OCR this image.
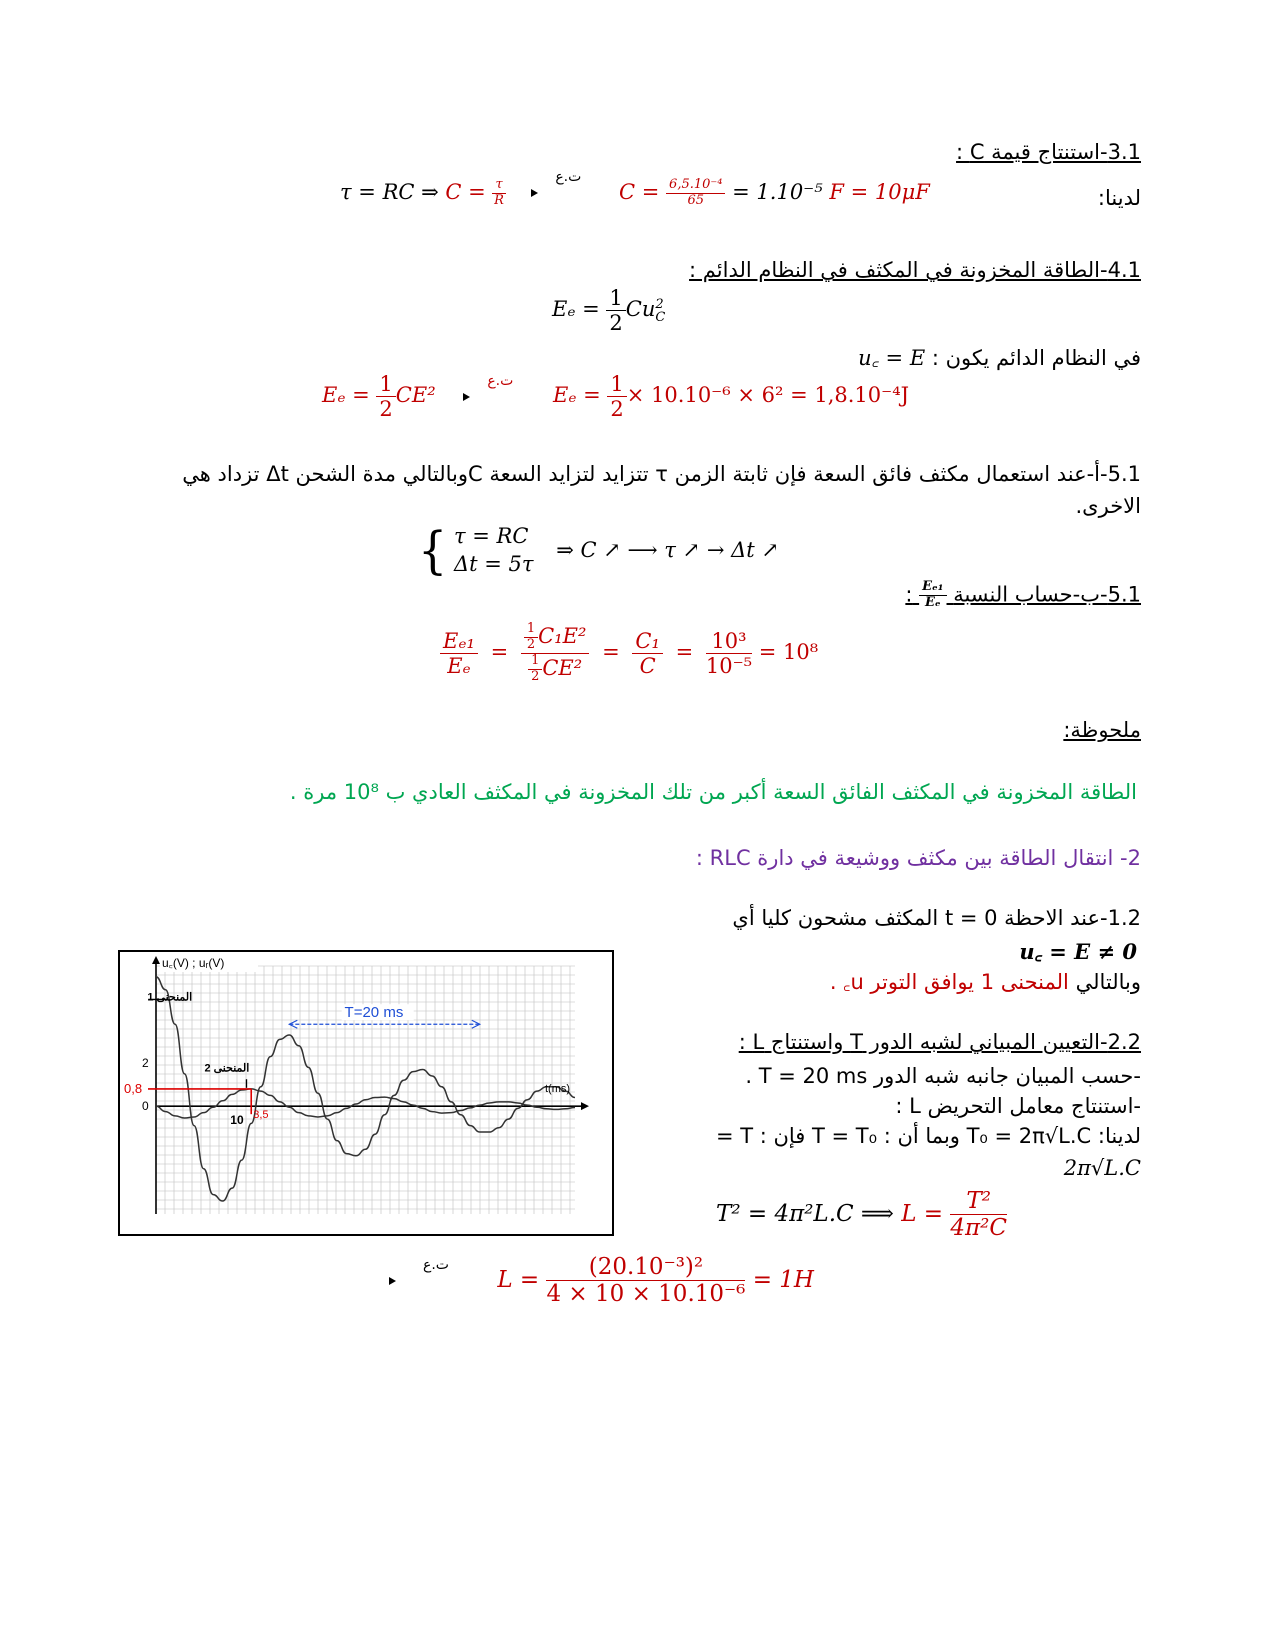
3.1-استنتاج قيمة C :
لدينا:
τ = RC ⇒ $C = \frac{\tau}{R}$

ت.ع
$C = \frac{\text{6,5.10⁻⁴}}{65} = 1.10^{-5}$ F = 10μF
4.1-الطاقة المخزونة في المكثف في النظام الدائم :
$E_e = \frac{1}{2}$ Cu 2
C
في النظام الدائم يكون : u꜀ = E
$E_e = \frac{1}{2} CE^2$
ت.ع
$E_e = \frac{1}{2} \times 10.10^{-6} \times 6^2 = 1,8.10^{-4}J$
5.1-أ-عند استعمال مكثف فائق السعة فإن ثابتة الزمن τ تتزايد لتزايد السعة Cوبالتالي مدة الشحن Δt تزداد هي
الاخرى.
{ τ = RC
Δt = 5τ
⇒ C ↗ ⟶ τ ↗ → Δt ↗
5.1-ب-حساب النسبة
$\frac{\text{Eₑ₁}}{\text{Eₑ}}$
:
$\frac{\text{Eₑ₁}}{\text{Eₑ}} = \frac{\frac{1}{2} C_1E^2}{\frac{1}{2} CE^2} = \frac{\text{C₁}}{C} = \frac{\text{10³}}{\text{10⁻⁵}} = 10^8$
ملحوظة:
الطاقة المخزونة في المكثف الفائق السعة أكبر من تلك المخزونة في المكثف العادي ب 10⁸ مرة .
2- انتقال الطاقة بين مكثف ووشيعة في دارة RLC :
1.2-عند الاحظة t = 0 المكثف مشحون كليا أي
u꜀ = E ≠ 0
وبالتالي المنحنى 1 يوافق التوتر u꜀ .
2.2-التعيين المبياني لشبه الدور T واستنتاج L :
-حسب المبيان جانبه شبه الدور T = 20 ms .
-استنتاج معامل التحريض L :
لدينا: T₀ = 2π√L.C وبما أن : T = T₀ فإن : T =
2π√L.C
T² = 4π²L.C ⟹ $L = \frac{\text{T²}}{\text{4π²C}}$
ت.ع
$L = \frac{\text{(20.10⁻³)²}}{\text{4 × 10 × 10.10⁻⁶}} = 1H$
u꜀(V) ; uᵣ(V)
t(ms)
T=20 ms
المنحنى 1
المنحنى 2
2
0
0,8
10 3,5
